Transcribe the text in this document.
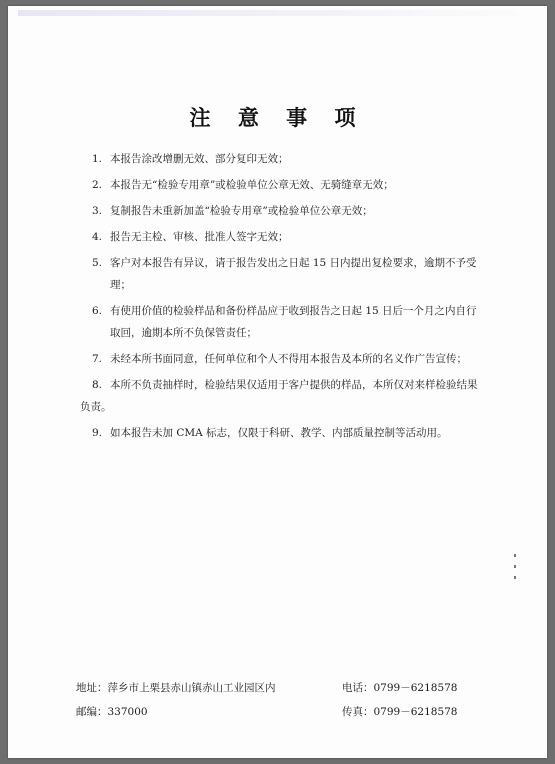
注 意 事 项
1. 本报告涂改增删无效、部分复印无效；
2. 本报告无“检验专用章”或检验单位公章无效、无骑缝章无效；
3. 复制报告未重新加盖“检验专用章”或检验单位公章无效；
4. 报告无主检、审核、批准人签字无效；
5. 客户对本报告有异议，请于报告发出之日起 15 日内提出复检要求，逾期不予受
理；
6. 有使用价值的检验样品和备份样品应于收到报告之日起 15 日后一个月之内自行
取回，逾期本所不负保管责任；
7. 未经本所书面同意，任何单位和个人不得用本报告及本所的名义作广告宣传；
8. 本所不负责抽样时，检验结果仅适用于客户提供的样品，本所仅对来样检验结果
负责。
9. 如本报告未加 CMA 标志，仅限于科研、教学、内部质量控制等活动用。
地址：萍乡市上栗县赤山镇赤山工业园区内	电话：0799－6218578
邮编：337000	传真：0799－6218578
